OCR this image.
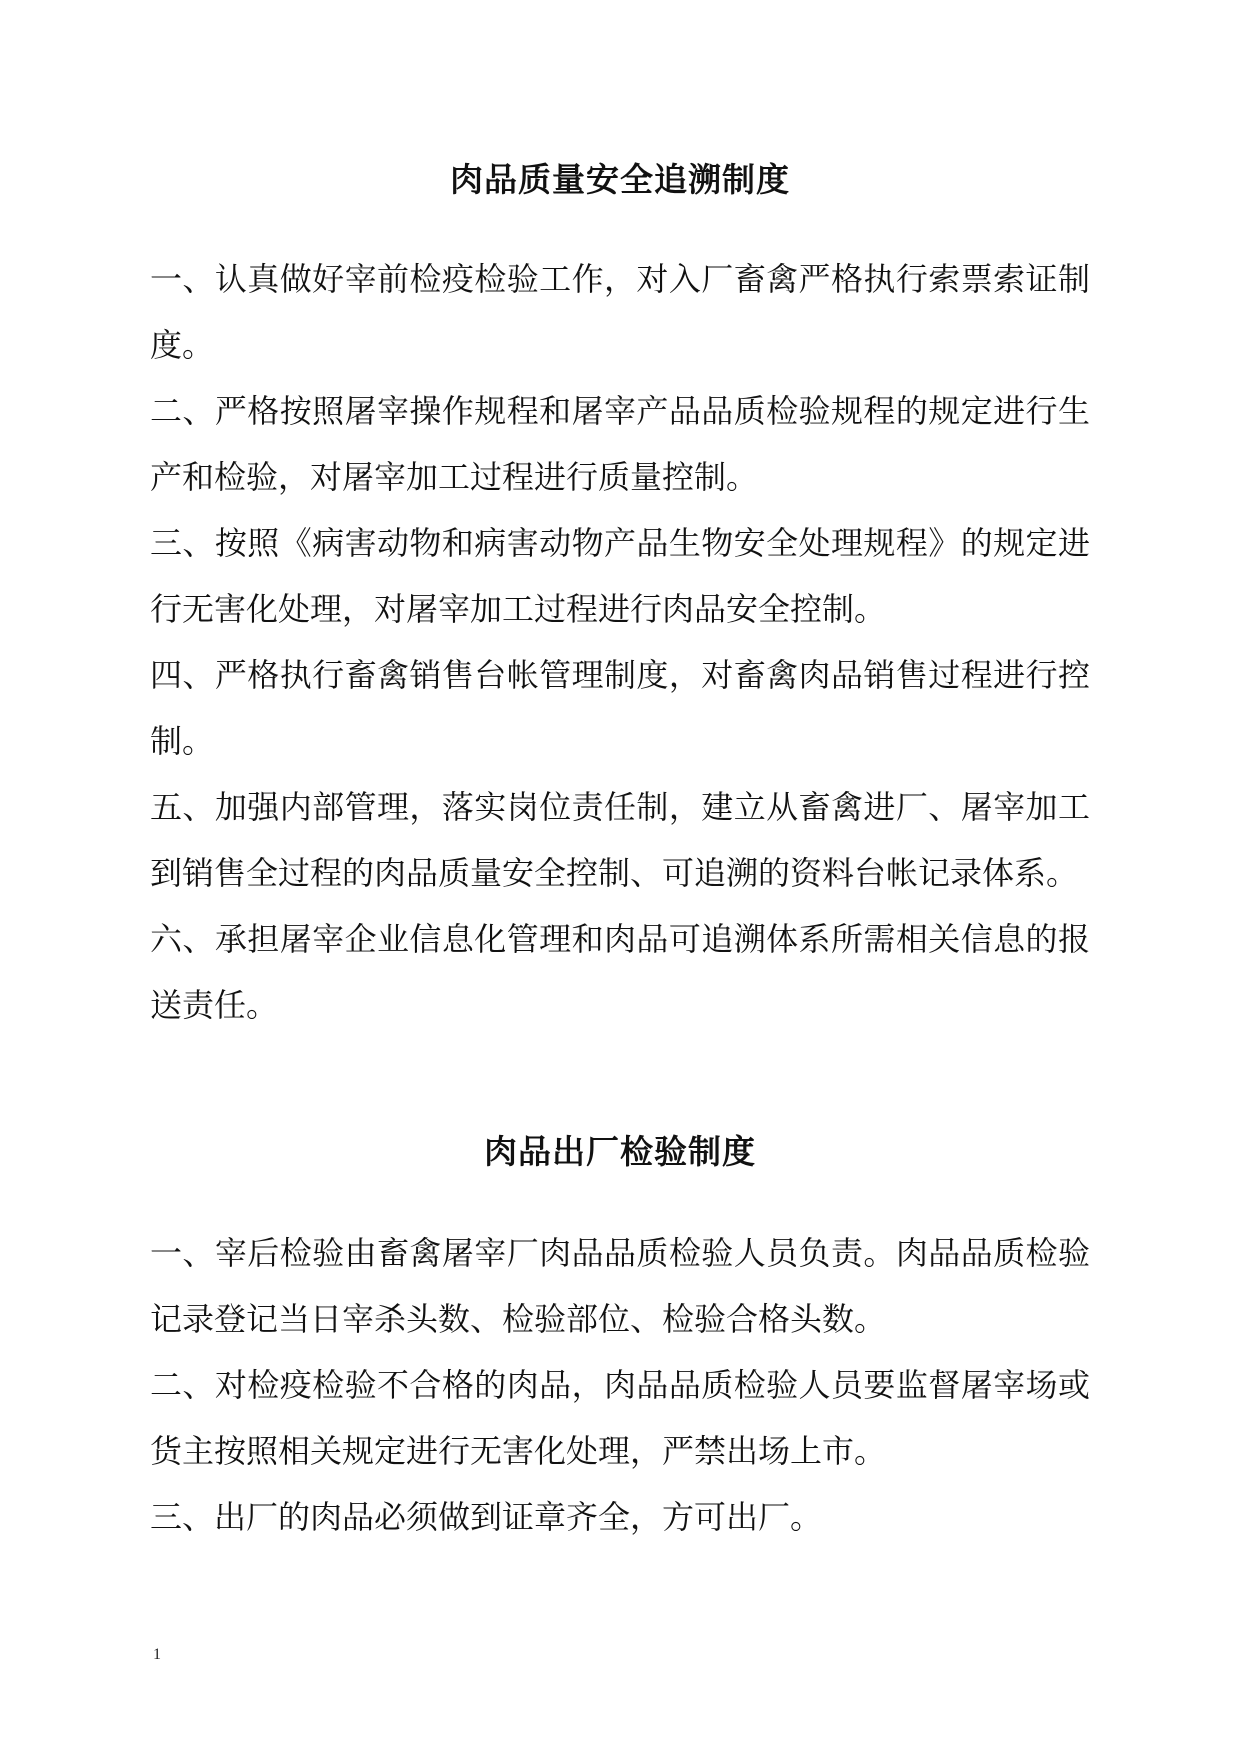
肉品质量安全追溯制度

一、认真做好宰前检疫检验工作，对入厂畜禽严格执行索票索证制度。

二、严格按照屠宰操作规程和屠宰产品品质检验规程的规定进行生产和检验，对屠宰加工过程进行质量控制。

三、按照《病害动物和病害动物产品生物安全处理规程》的规定进行无害化处理，对屠宰加工过程进行肉品安全控制。

四、严格执行畜禽销售台帐管理制度，对畜禽肉品销售过程进行控制。

五、加强内部管理，落实岗位责任制，建立从畜禽进厂、屠宰加工到销售全过程的肉品质量安全控制、可追溯的资料台帐记录体系。

六、承担屠宰企业信息化管理和肉品可追溯体系所需相关信息的报送责任。

肉品出厂检验制度

一、宰后检验由畜禽屠宰厂肉品品质检验人员负责。肉品品质检验记录登记当日宰杀头数、检验部位、检验合格头数。

二、对检疫检验不合格的肉品，肉品品质检验人员要监督屠宰场或货主按照相关规定进行无害化处理，严禁出场上市。

三、出厂的肉品必须做到证章齐全，方可出厂。

1
